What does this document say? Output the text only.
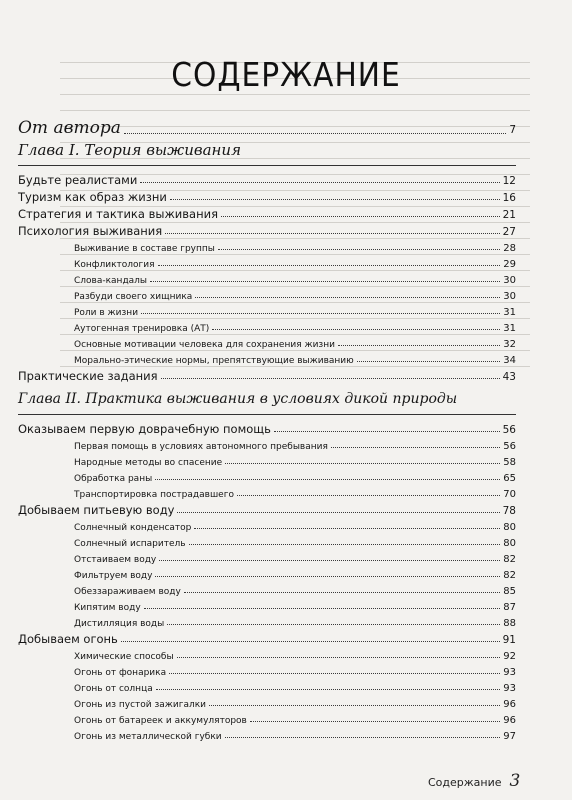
СОДЕРЖАНИЕ
От автора	7
Глава I. Теория выживания
Будьте реалистами	12
Туризм как образ жизни	16
Стратегия и тактика выживания	21
Психология выживания	27
Выживание в составе группы	28
Конфликтология	29
Слова-кандалы	30
Разбуди своего хищника	30
Роли в жизни	31
Аутогенная тренировка (АТ)	31
Основные мотивации человека для сохранения жизни	32
Морально-этические нормы, препятствующие выживанию	34
Практические задания	43
Глава II. Практика выживания в условиях дикой природы
Оказываем первую доврачебную помощь	56
Первая помощь в условиях автономного пребывания	56
Народные методы во спасение	58
Обработка раны	65
Транспортировка пострадавшего	70
Добываем питьевую воду	78
Солнечный конденсатор	80
Солнечный испаритель	80
Отстаиваем воду	82
Фильтруем воду	82
Обеззараживаем воду	85
Кипятим воду	87
Дистилляция воды	88
Добываем огонь	91
Химические способы	92
Огонь от фонарика	93
Огонь от солнца	93
Огонь из пустой зажигалки	96
Огонь от батареек и аккумуляторов	96
Огонь из металлической губки	97
Содержание 3
